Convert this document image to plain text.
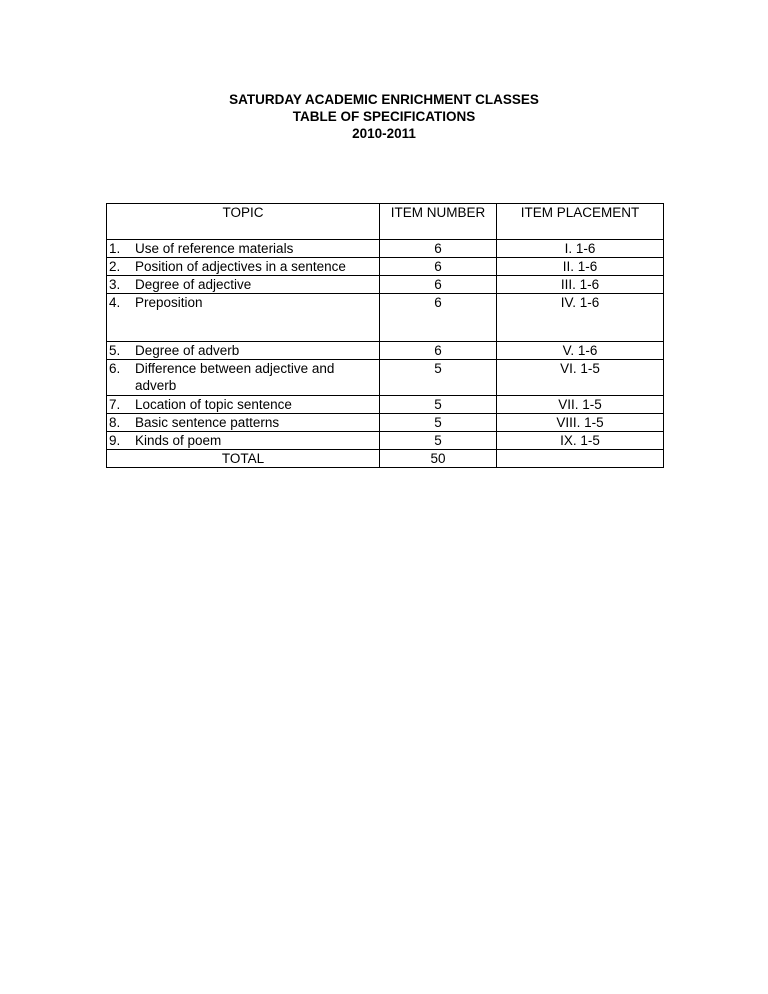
SATURDAY ACADEMIC ENRICHMENT CLASSES
TABLE OF SPECIFICATIONS
2010-2011
TOPIC	ITEM NUMBER	ITEM PLACEMENT

1. Use of reference materials	6	I. 1-6

2. Position of adjectives in a sentence	6	II. 1-6

3. Degree of adjective	6	III. 1-6

4. Preposition	6	IV. 1-6

5. Degree of adverb	6	V. 1-6

6. Difference between adjective and adverb	5	VI. 1-5

7. Location of topic sentence	5	VII. 1-5

8. Basic sentence patterns	5	VIII. 1-5

9. Kinds of poem	5	IX. 1-5
TOTAL	50	
